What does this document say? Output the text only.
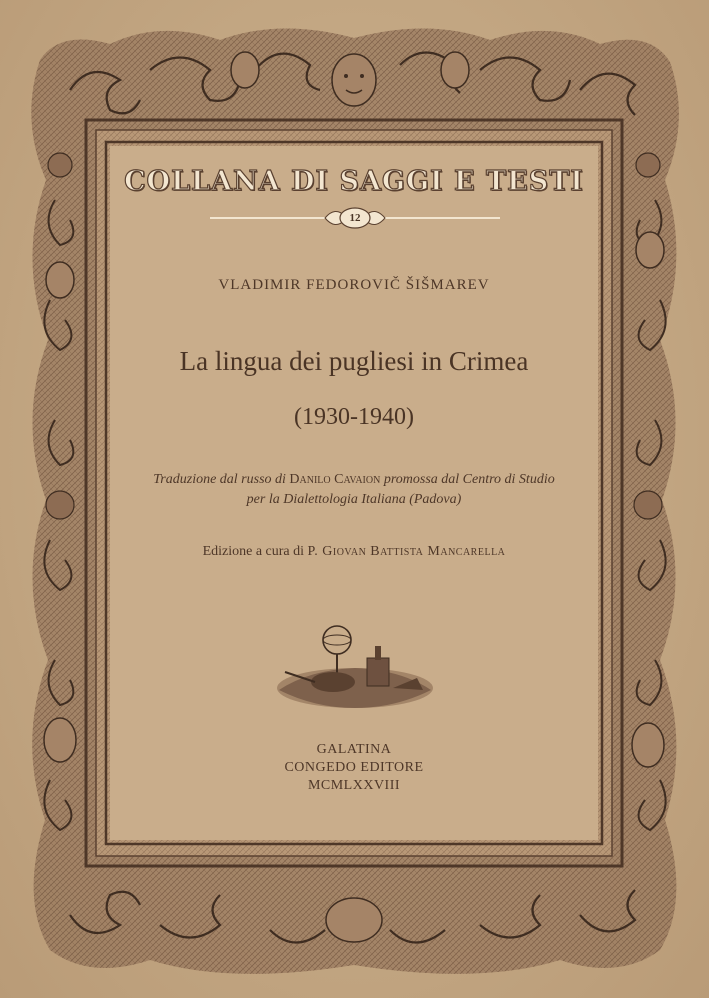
COLLANA DI SAGGI E TESTI
12
VLADIMIR FEDOROVIČ ŠIŠMAREV
La lingua dei pugliesi in Crimea
(1930-1940)
Traduzione dal russo di Danilo Cavaion promossa dal Centro di Studio
per la Dialettologia Italiana (Padova)
Edizione a cura di P. Giovan Battista Mancarella
GALATINA
CONGEDO EDITORE
MCMLXXVIII
